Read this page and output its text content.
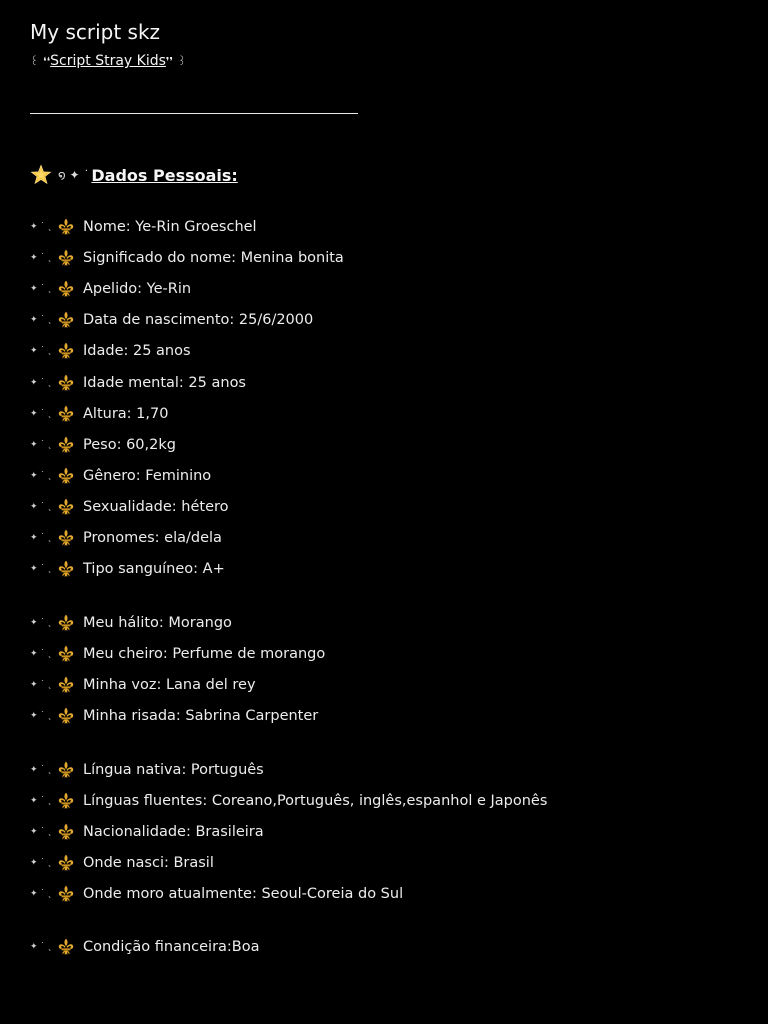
My script skz
꒰ ❛❛Script Stray Kids❜❜ ꒱
໑ ✦ ˙ Dados Pessoais:
✦ ˙ ˎ Nome: Ye-Rin Groeschel
✦ ˙ ˎ Significado do nome: Menina bonita
✦ ˙ ˎ Apelido: Ye-Rin
✦ ˙ ˎ Data de nascimento: 25/6/2000
✦ ˙ ˎ Idade: 25 anos
✦ ˙ ˎ Idade mental: 25 anos
✦ ˙ ˎ Altura: 1,70
✦ ˙ ˎ Peso: 60,2kg
✦ ˙ ˎ Gênero: Feminino
✦ ˙ ˎ Sexualidade: hétero
✦ ˙ ˎ Pronomes: ela/dela
✦ ˙ ˎ Tipo sanguíneo: A+
✦ ˙ ˎ Meu hálito: Morango
✦ ˙ ˎ Meu cheiro: Perfume de morango
✦ ˙ ˎ Minha voz: Lana del rey
✦ ˙ ˎ Minha risada: Sabrina Carpenter
✦ ˙ ˎ Língua nativa: Português
✦ ˙ ˎ Línguas fluentes: Coreano,Português, inglês,espanhol e Japonês
✦ ˙ ˎ Nacionalidade: Brasileira
✦ ˙ ˎ Onde nasci: Brasil
✦ ˙ ˎ Onde moro atualmente: Seoul-Coreia do Sul
✦ ˙ ˎ Condição financeira:Boa
